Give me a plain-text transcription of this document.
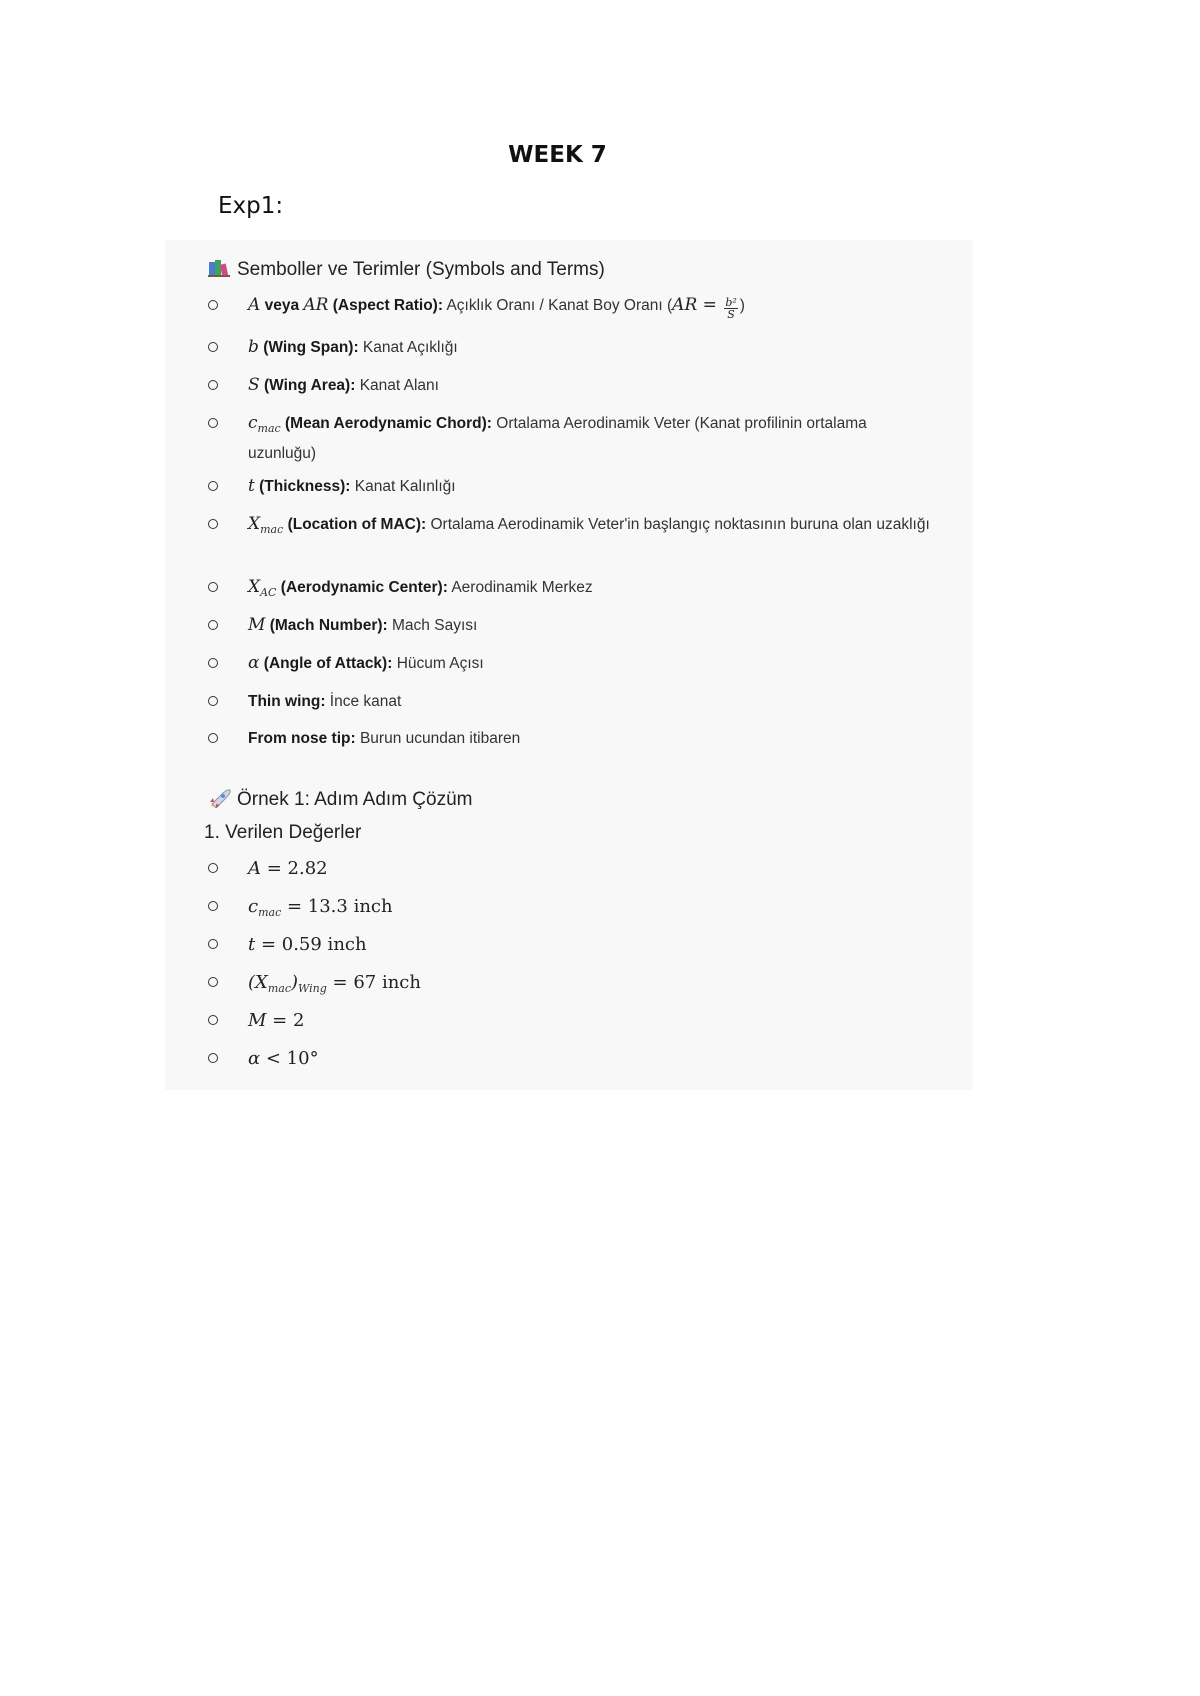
WEEK 7
Exp1:
Semboller ve Terimler (Symbols and Terms)
A veya AR (Aspect Ratio): Açıklık Oranı / Kanat Boy Oranı ($AR = \frac{\text{b²}}{S}$ )
b (Wing Span): Kanat Açıklığı
S (Wing Area): Kanat Alanı
$c_{mac}$ (Mean Aerodynamic Chord): Ortalama Aerodinamik Veter (Kanat profilinin ortalama uzunluğu)
t (Thickness): Kanat Kalınlığı
$X_{mac}$ (Location of MAC): Ortalama Aerodinamik Veter'in başlangıç noktasının buruna olan uzaklığı
$X_{AC}$ (Aerodynamic Center): Aerodinamik Merkez
M (Mach Number): Mach Sayısı
α (Angle of Attack): Hücum Açısı
Thin wing: İnce kanat
From nose tip: Burun ucundan itibaren
Örnek 1: Adım Adım Çözüm
1. Verilen Değerler
A = 2.82
$c_{mac} = 13.3$ inch
t = 0.59 inch
$(X_{mac})_{Wing} = 67$ inch
M = 2
α < 10°
